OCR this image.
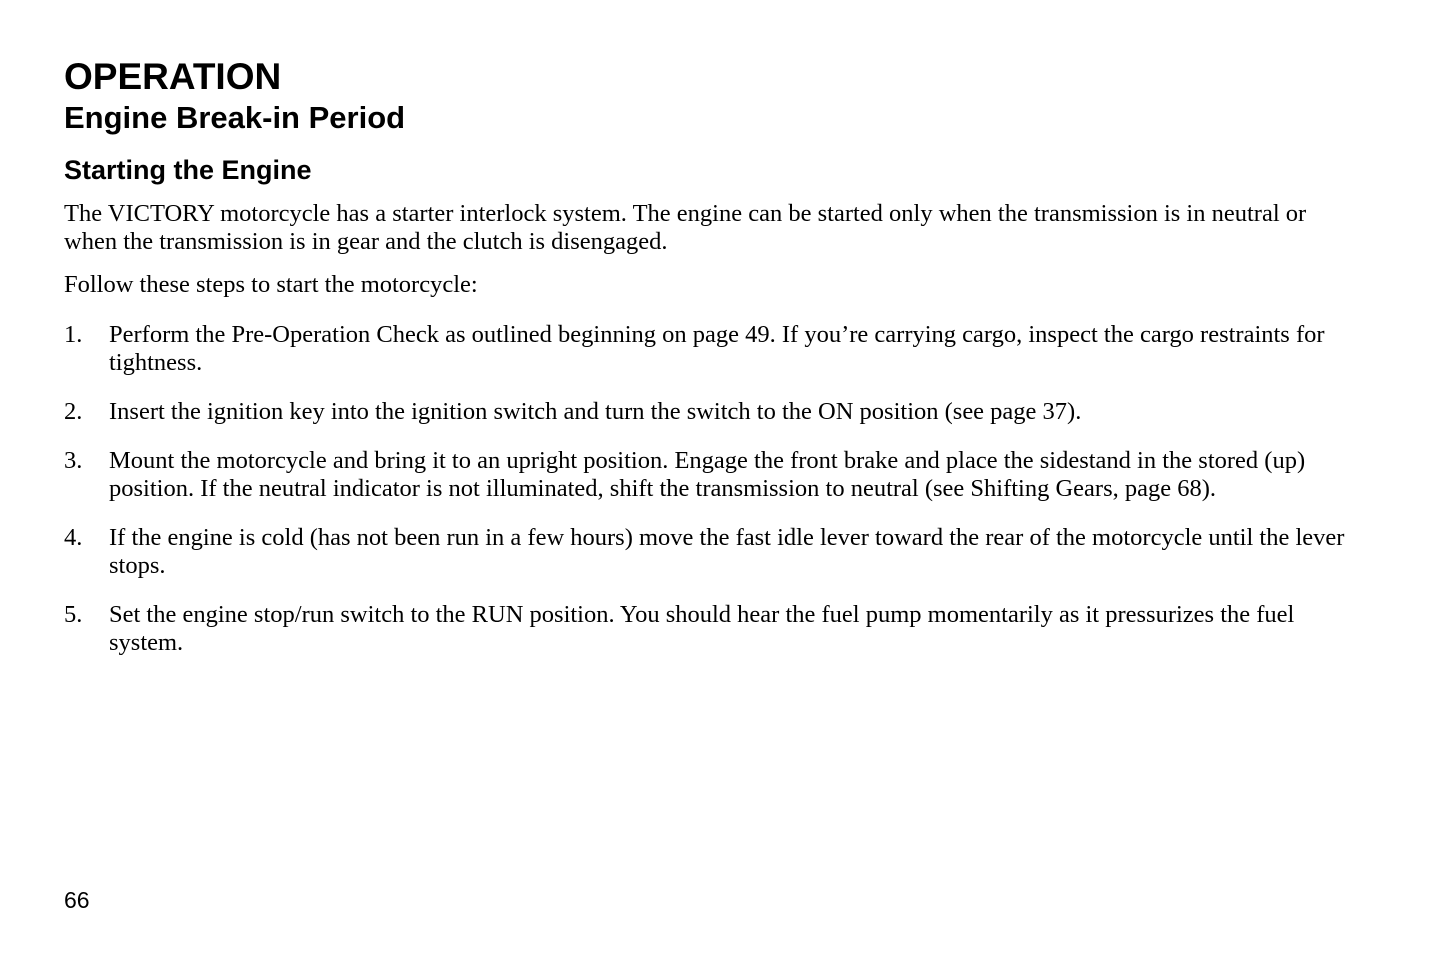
OPERATION
Engine Break-in Period
Starting the Engine

The VICTORY motorcycle has a starter interlock system. The engine can be started only when the transmission is in neutral or when the transmission is in gear and the clutch is disengaged.

Follow these steps to start the motorcycle:

1.	Perform the Pre-Operation Check as outlined beginning on page 49. If you’re carrying cargo, inspect the cargo restraints for tightness.
2.	Insert the ignition key into the ignition switch and turn the switch to the ON position (see page 37).
3.	Mount the motorcycle and bring it to an upright position. Engage the front brake and place the sidestand in the stored (up) position. If the neutral indicator is not illuminated, shift the transmission to neutral (see Shifting Gears, page 68).
4.	If the engine is cold (has not been run in a few hours) move the fast idle lever toward the rear of the motorcycle until the lever stops.
5.	Set the engine stop/run switch to the RUN position. You should hear the fuel pump momentarily as it pressurizes the fuel system.

66
